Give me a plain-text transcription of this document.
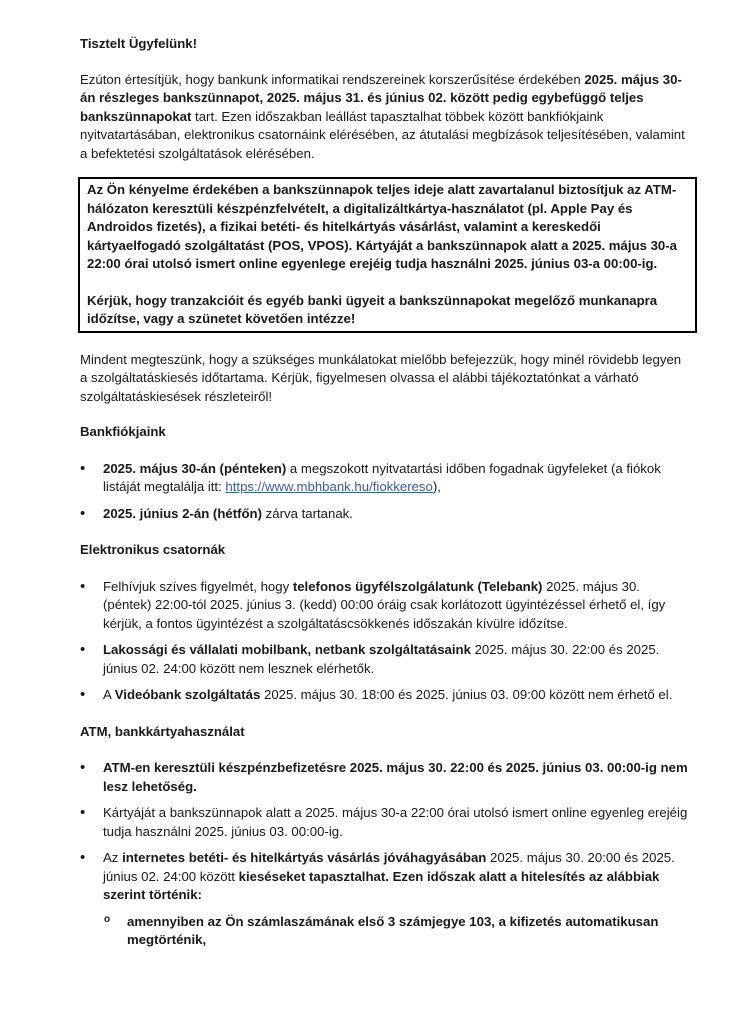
Tisztelt Ügyfelünk!

Ezúton értesítjük, hogy bankunk informatikai rendszereinek korszerűsítése érdekében 2025. május 30-án részleges bankszünnapot, 2025. május 31. és június 02. között pedig egybefüggő teljes bankszünnapokat tart. Ezen időszakban leállást tapasztalhat többek között bankfiókjaink nyitvatartásában, elektronikus csatornáink elérésében, az átutalási megbízások teljesítésében, valamint a befektetési szolgáltatások elérésében.

Az Ön kényelme érdekében a bankszünnapok teljes ideje alatt zavartalanul biztosítjuk az ATM-hálózaton keresztüli készpénzfelvételt, a digitalizáltkártya-használatot (pl. Apple Pay és Androidos fizetés), a fizikai betéti- és hitelkártyás vásárlást, valamint a kereskedői kártyaelfogadó szolgáltatást (POS, VPOS). Kártyáját a bankszünnapok alatt a 2025. május 30-a 22:00 órai utolsó ismert online egyenlege erejéig tudja használni 2025. június 03-a 00:00-ig.

Kérjük, hogy tranzakcióit és egyéb banki ügyeit a bankszünnapokat megelőző munkanapra időzítse, vagy a szünetet követően intézze!

Mindent megteszünk, hogy a szükséges munkálatokat mielőbb befejezzük, hogy minél rövidebb legyen a szolgáltatáskiesés időtartama. Kérjük, figyelmesen olvassa el alábbi tájékoztatónkat a várható szolgáltatáskiesések részleteiről!

Bankfiókjaink
• 2025. május 30-án (pénteken) a megszokott nyitvatartási időben fogadnak ügyfeleket (a fiókok listáját megtalálja itt: https://www.mbhbank.hu/fiokkereso),
• 2025. június 2-án (hétfőn) zárva tartanak.
Elektronikus csatornák
• Felhívjuk szíves figyelmét, hogy telefonos ügyfélszolgálatunk (Telebank) 2025. május 30. (péntek) 22:00-tól 2025. június 3. (kedd) 00:00 óráig csak korlátozott ügyintézéssel érhető el, így kérjük, a fontos ügyintézést a szolgáltatáscsökkenés időszakán kívülre időzítse.
• Lakossági és vállalati mobilbank, netbank szolgáltatásaink 2025. május 30. 22:00 és 2025. június 02. 24:00 között nem lesznek elérhetők.
• A Videóbank szolgáltatás 2025. május 30. 18:00 és 2025. június 03. 09:00 között nem érhető el.
ATM, bankkártyahasználat
• ATM-en keresztüli készpénzbefizetésre 2025. május 30. 22:00 és 2025. június 03. 00:00-ig nem lesz lehetőség.
• Kártyáját a bankszünnapok alatt a 2025. május 30-a 22:00 órai utolsó ismert online egyenleg erejéig tudja használni 2025. június 03. 00:00-ig.
• Az internetes betéti- és hitelkártyás vásárlás jóváhagyásában 2025. május 30. 20:00 és 2025. június 02. 24:00 között kieséseket tapasztalhat. Ezen időszak alatt a hitelesítés az alábbiak szerint történik:
o amennyiben az Ön számlaszámának első 3 számjegye 103, a kifizetés automatikusan megtörténik,
